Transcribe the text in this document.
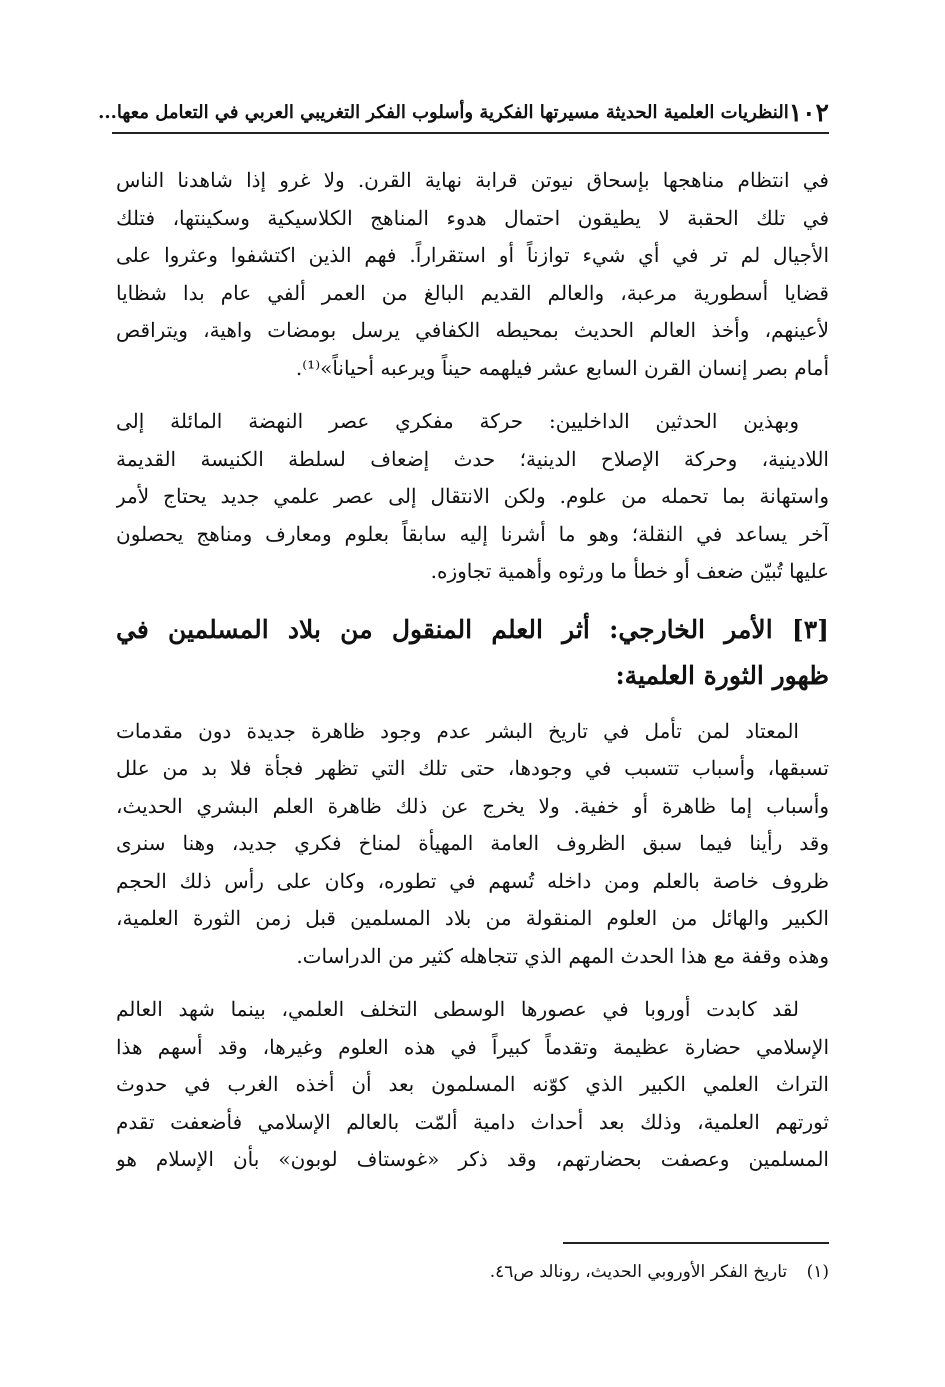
١٠٢
النظريات العلمية الحديثة مسيرتها الفكرية وأسلوب الفكر التغريبي العربي في التعامل معها...
في انتظام مناهجها بإسحاق نيوتن قرابة نهاية القرن. ولا غرو إذا شاهدنا الناس
في تلك الحقبة لا يطيقون احتمال هدوء المناهج الكلاسيكية وسكينتها، فتلك
الأجيال لم تر في أي شيء توازناً أو استقراراً. فهم الذين اكتشفوا وعثروا على
قضايا أسطورية مرعبة، والعالم القديم البالغ من العمر ألفي عام بدا شظايا
لأعينهم، وأخذ العالم الحديث بمحيطه الكفافي يرسل بومضات واهية، ويتراقص
أمام بصر إنسان القرن السابع عشر فيلهمه حيناً ويرعبه أحياناً»⁽¹⁾.
وبهذين الحدثين الداخليين: حركة مفكري عصر النهضة المائلة إلى
اللادينية، وحركة الإصلاح الدينية؛ حدث إضعاف لسلطة الكنيسة القديمة
واستهانة بما تحمله من علوم. ولكن الانتقال إلى عصر علمي جديد يحتاج لأمر
آخر يساعد في النقلة؛ وهو ما أشرنا إليه سابقاً بعلوم ومعارف ومناهج يحصلون
عليها تُبيّن ضعف أو خطأ ما ورثوه وأهمية تجاوزه.
[٣] الأمر الخارجي: أثر العلم المنقول من بلاد المسلمين في
ظهور الثورة العلمية:
المعتاد لمن تأمل في تاريخ البشر عدم وجود ظاهرة جديدة دون مقدمات
تسبقها، وأسباب تتسبب في وجودها، حتى تلك التي تظهر فجأة فلا بد من علل
وأسباب إما ظاهرة أو خفية. ولا يخرج عن ذلك ظاهرة العلم البشري الحديث،
وقد رأينا فيما سبق الظروف العامة المهيأة لمناخ فكري جديد، وهنا سنرى
ظروف خاصة بالعلم ومن داخله تُسهم في تطوره، وكان على رأس ذلك الحجم
الكبير والهائل من العلوم المنقولة من بلاد المسلمين قبل زمن الثورة العلمية،
وهذه وقفة مع هذا الحدث المهم الذي تتجاهله كثير من الدراسات.
لقد كابدت أوروبا في عصورها الوسطى التخلف العلمي، بينما شهد العالم
الإسلامي حضارة عظيمة وتقدماً كبيراً في هذه العلوم وغيرها، وقد أسهم هذا
التراث العلمي الكبير الذي كوّنه المسلمون بعد أن أخذه الغرب في حدوث
ثورتهم العلمية، وذلك بعد أحداث دامية ألمّت بالعالم الإسلامي فأضعفت تقدم
المسلمين وعصفت بحضارتهم، وقد ذكر «غوستاف لوبون» بأن الإسلام هو
(١) تاريخ الفكر الأوروبي الحديث، رونالد ص٤٦.
